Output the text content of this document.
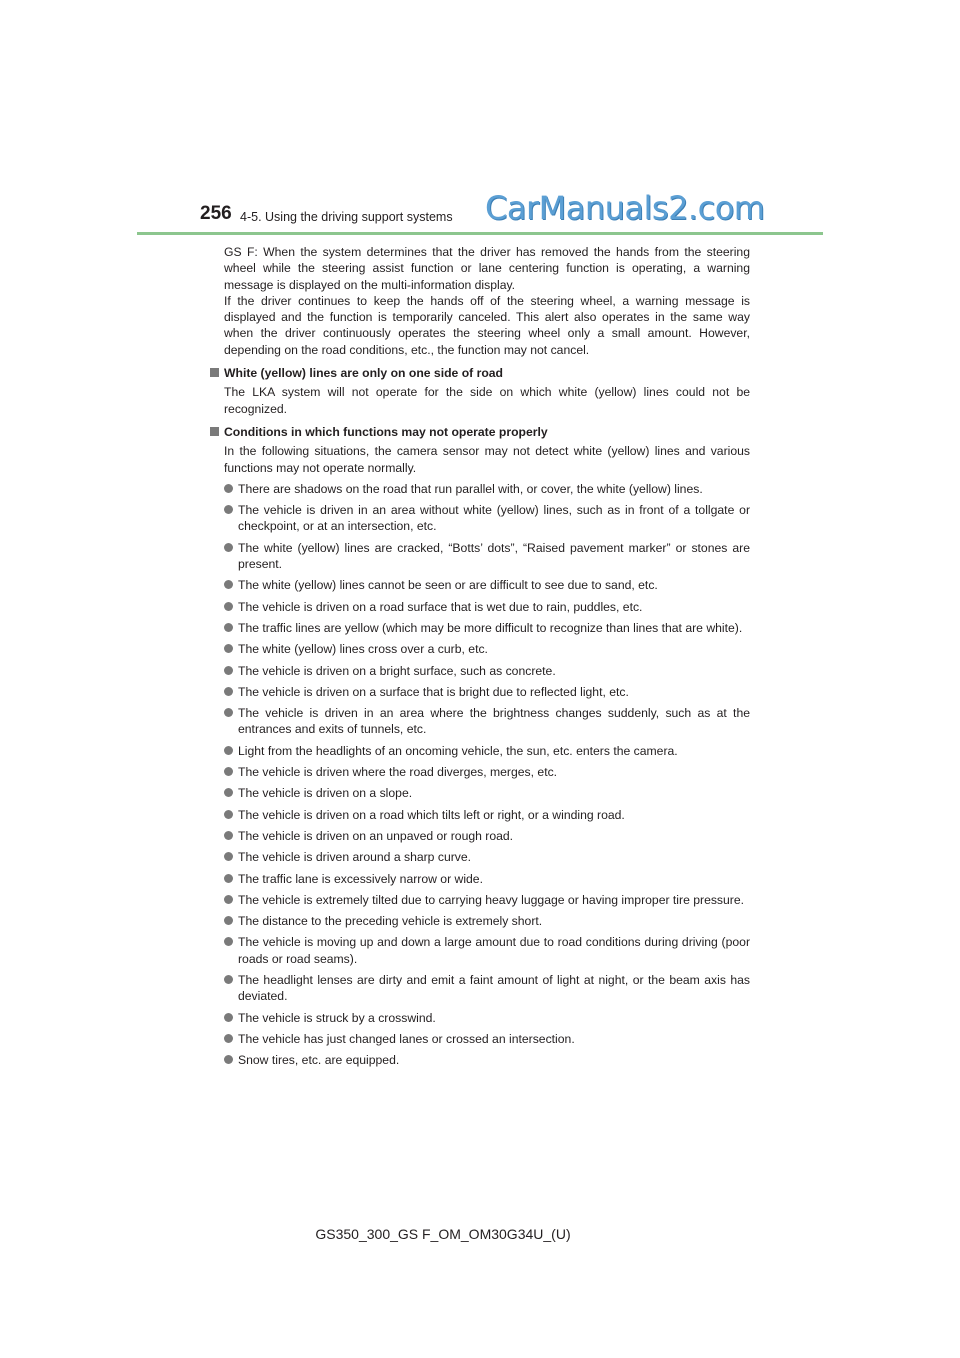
256 4-5. Using the driving support systems CarManuals2.com

GS F: When the system determines that the driver has removed the hands from the steering wheel while the steering assist function or lane centering function is operating, a warning message is displayed on the multi-information display.

If the driver continues to keep the hands off of the steering wheel, a warning message is displayed and the function is temporarily canceled. This alert also operates in the same way when the driver continuously operates the steering wheel only a small amount. However, depending on the road conditions, etc., the function may not cancel.

White (yellow) lines are only on one side of road

The LKA system will not operate for the side on which white (yellow) lines could not be recognized.

Conditions in which functions may not operate properly

In the following situations, the camera sensor may not detect white (yellow) lines and various functions may not operate normally.

There are shadows on the road that run parallel with, or cover, the white (yellow) lines.
The vehicle is driven in an area without white (yellow) lines, such as in front of a tollgate or checkpoint, or at an intersection, etc.
The white (yellow) lines are cracked, “Botts’ dots”, “Raised pavement marker” or stones are present.
The white (yellow) lines cannot be seen or are difficult to see due to sand, etc.
The vehicle is driven on a road surface that is wet due to rain, puddles, etc.
The traffic lines are yellow (which may be more difficult to recognize than lines that are white).
The white (yellow) lines cross over a curb, etc.
The vehicle is driven on a bright surface, such as concrete.
The vehicle is driven on a surface that is bright due to reflected light, etc.
The vehicle is driven in an area where the brightness changes suddenly, such as at the entrances and exits of tunnels, etc.
Light from the headlights of an oncoming vehicle, the sun, etc. enters the camera.
The vehicle is driven where the road diverges, merges, etc.
The vehicle is driven on a slope.
The vehicle is driven on a road which tilts left or right, or a winding road.
The vehicle is driven on an unpaved or rough road.
The vehicle is driven around a sharp curve.
The traffic lane is excessively narrow or wide.
The vehicle is extremely tilted due to carrying heavy luggage or having improper tire pressure.
The distance to the preceding vehicle is extremely short.
The vehicle is moving up and down a large amount due to road conditions during driving (poor roads or road seams).
The headlight lenses are dirty and emit a faint amount of light at night, or the beam axis has deviated.
The vehicle is struck by a crosswind.
The vehicle has just changed lanes or crossed an intersection.
Snow tires, etc. are equipped.
GS350_300_GS F_OM_OM30G34U_(U)
